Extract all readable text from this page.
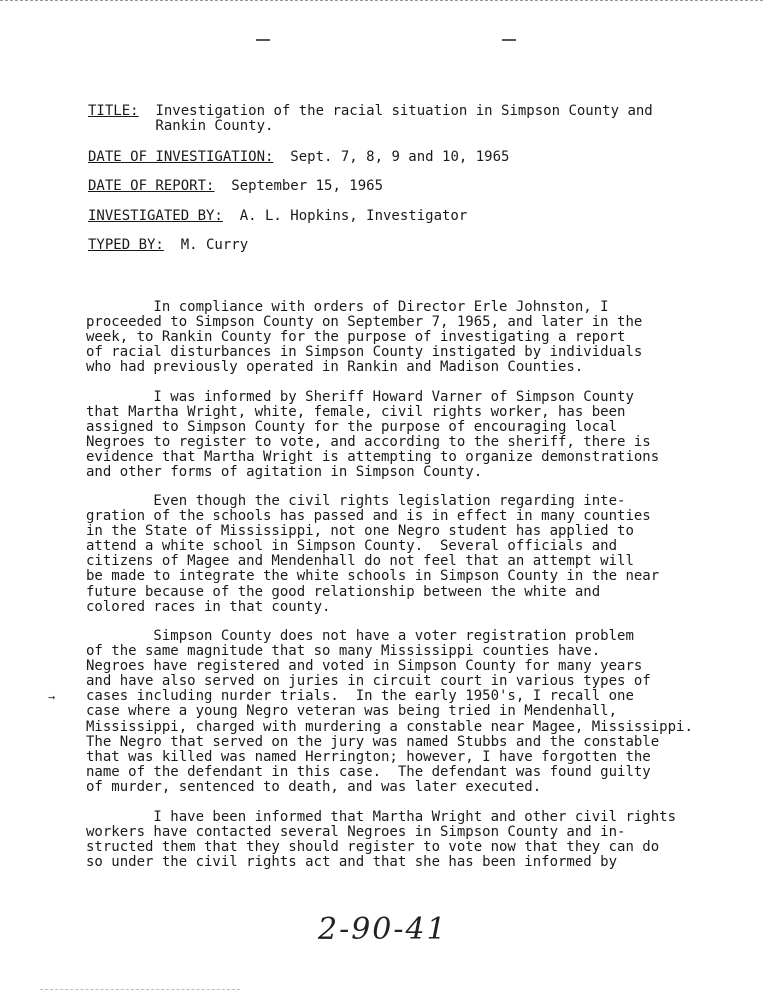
TITLE: Investigation of the racial situation in Simpson County and
Rankin County.
DATE OF INVESTIGATION: Sept. 7, 8, 9 and 10, 1965
DATE OF REPORT: September 15, 1965
INVESTIGATED BY: A. L. Hopkins, Investigator
TYPED BY: M. Curry
In compliance with orders of Director Erle Johnston, I
proceeded to Simpson County on September 7, 1965, and later in the
week, to Rankin County for the purpose of investigating a report
of racial disturbances in Simpson County instigated by individuals
who had previously operated in Rankin and Madison Counties.
I was informed by Sheriff Howard Varner of Simpson County
that Martha Wright, white, female, civil rights worker, has been
assigned to Simpson County for the purpose of encouraging local
Negroes to register to vote, and according to the sheriff, there is
evidence that Martha Wright is attempting to organize demonstrations
and other forms of agitation in Simpson County.
Even though the civil rights legislation regarding inte-
gration of the schools has passed and is in effect in many counties
in the State of Mississippi, not one Negro student has applied to
attend a white school in Simpson County.  Several officials and
citizens of Magee and Mendenhall do not feel that an attempt will
be made to integrate the white schools in Simpson County in the near
future because of the good relationship between the white and
colored races in that county.
→
Simpson County does not have a voter registration problem
of the same magnitude that so many Mississippi counties have.
Negroes have registered and voted in Simpson County for many years
and have also served on juries in circuit court in various types of
cases including nurder trials.  In the early 1950's, I recall one
case where a young Negro veteran was being tried in Mendenhall,
Mississippi, charged with murdering a constable near Magee, Mississippi.
The Negro that served on the jury was named Stubbs and the constable
that was killed was named Herrington; however, I have forgotten the
name of the defendant in this case.  The defendant was found guilty
of murder, sentenced to death, and was later executed.
I have been informed that Martha Wright and other civil rights
workers have contacted several Negroes in Simpson County and in-
structed them that they should register to vote now that they can do
so under the civil rights act and that she has been informed by
2-90-41
